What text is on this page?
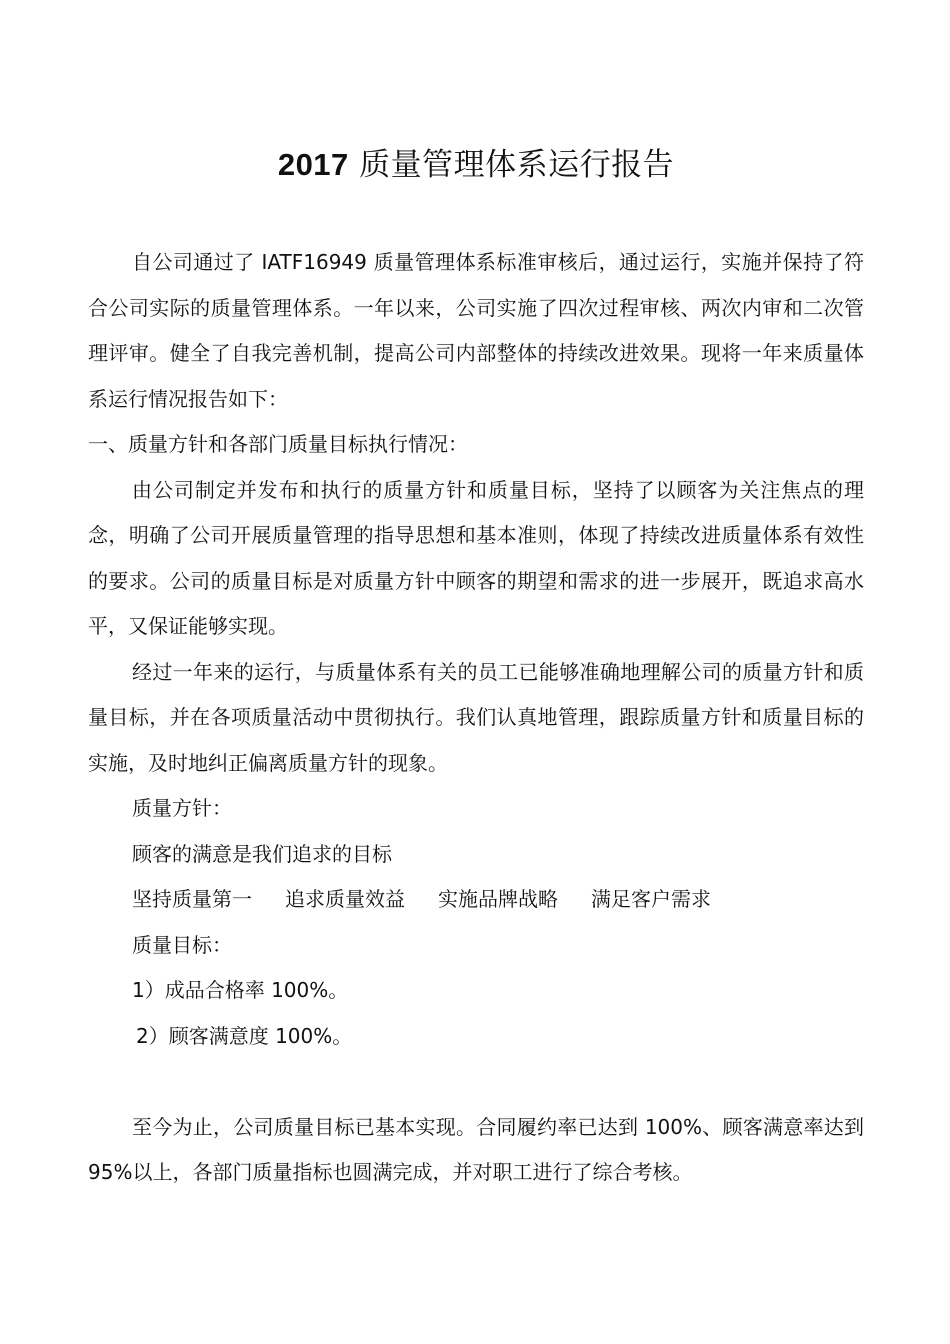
2017 质量管理体系运行报告

自公司通过了 IATF16949 质量管理体系标准审核后，通过运行，实施并保持了符合公司实际的质量管理体系。一年以来，公司实施了四次过程审核、两次内审和二次管理评审。健全了自我完善机制，提高公司内部整体的持续改进效果。现将一年来质量体系运行情况报告如下：

一、质量方针和各部门质量目标执行情况：

由公司制定并发布和执行的质量方针和质量目标，坚持了以顾客为关注焦点的理念，明确了公司开展质量管理的指导思想和基本准则，体现了持续改进质量体系有效性的要求。公司的质量目标是对质量方针中顾客的期望和需求的进一步展开，既追求高水平，又保证能够实现。

经过一年来的运行，与质量体系有关的员工已能够准确地理解公司的质量方针和质量目标，并在各项质量活动中贯彻执行。我们认真地管理，跟踪质量方针和质量目标的实施，及时地纠正偏离质量方针的现象。

质量方针：

顾客的满意是我们追求的目标

坚持质量第一 追求质量效益 实施品牌战略 满足客户需求

质量目标：

1）成品合格率 100%。

2）顾客满意度 100%。

至今为止，公司质量目标已基本实现。合同履约率已达到 100%、顾客满意率达到 95%以上，各部门质量指标也圆满完成，并对职工进行了综合考核。
